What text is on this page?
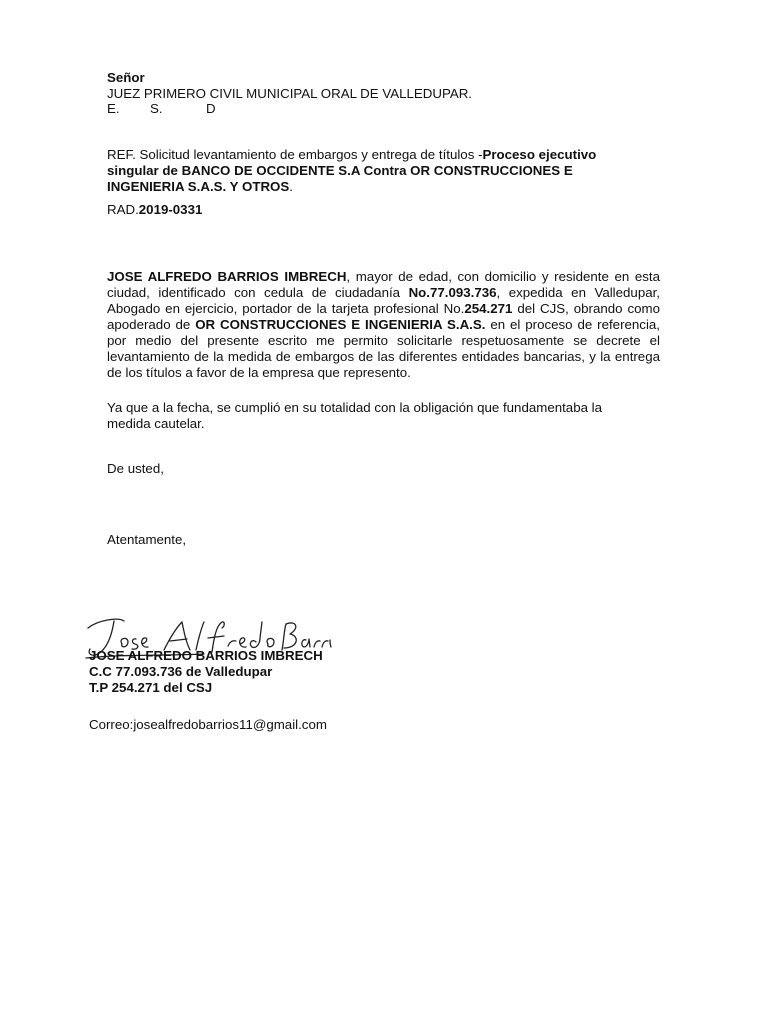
Señor
JUEZ PRIMERO CIVIL MUNICIPAL ORAL DE VALLEDUPAR.
E. S.	D
REF. Solicitud levantamiento de embargos y entrega de títulos -Proceso ejecutivo singular de BANCO DE OCCIDENTE S.A Contra OR CONSTRUCCIONES E INGENIERIA S.A.S. Y OTROS.
RAD.2019-0331
JOSE ALFREDO BARRIOS IMBRECH, mayor de edad, con domicilio y residente en esta ciudad, identificado con cedula de ciudadanía No.77.093.736, expedida en Valledupar, Abogado en ejercicio, portador de la tarjeta profesional No.254.271 del CJS, obrando como apoderado de OR CONSTRUCCIONES E INGENIERIA S.A.S. en el proceso de referencia, por medio del presente escrito me permito solicitarle respetuosamente se decrete el levantamiento de la medida de embargos de las diferentes entidades bancarias, y la entrega de los títulos a favor de la empresa que represento.
Ya que a la fecha, se cumplió en su totalidad con la obligación que fundamentaba la medida cautelar.
De usted,
Atentamente,
JOSE ALFREDO BARRIOS IMBRECH
C.C 77.093.736 de Valledupar
T.P 254.271 del CSJ
Correo:josealfredobarrios11@gmail.com
